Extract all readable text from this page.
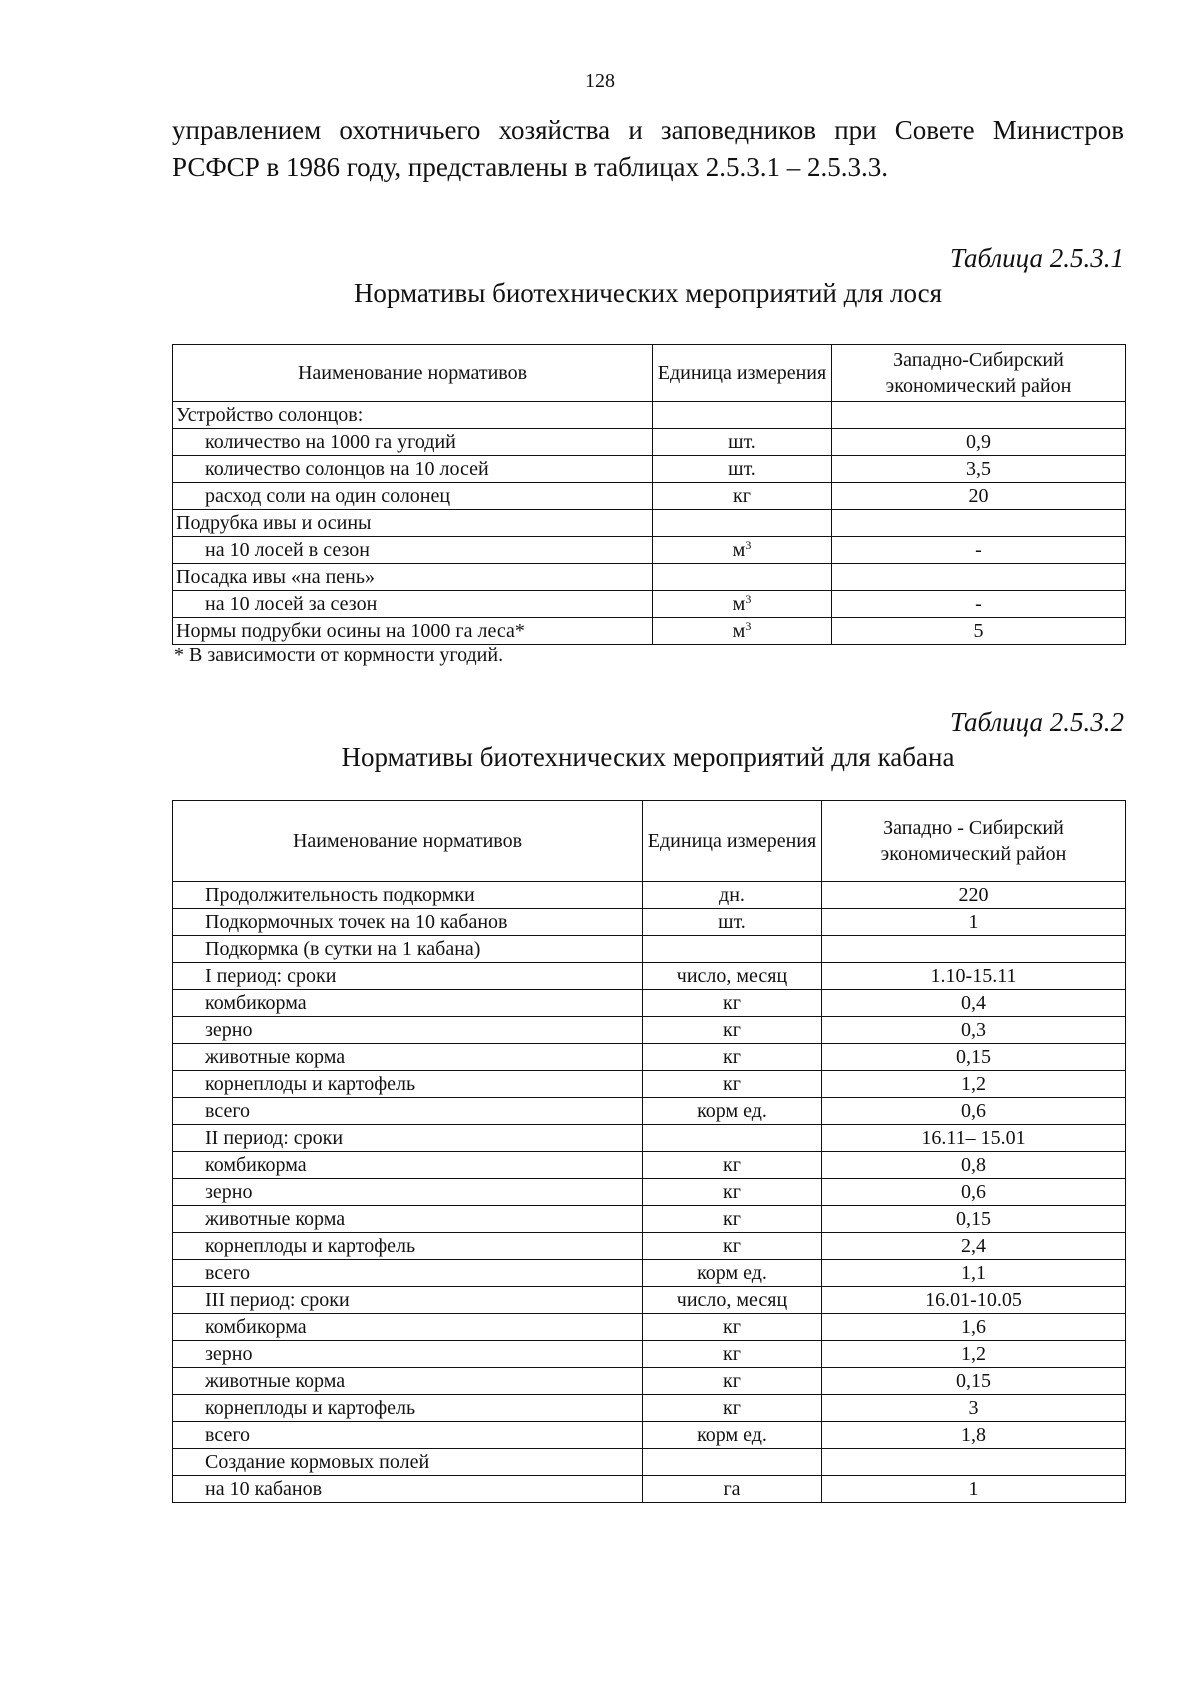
128

управлением охотничьего хозяйства и заповедников при Совете Министров РСФСР в 1986 году, представлены в таблицах 2.5.3.1 – 2.5.3.3.

Таблица 2.5.3.1
Нормативы биотехнических мероприятий для лося
Наименование нормативов	Единица измерения	Западно-Сибирский экономический район
Устройство солонцов:		
количество на 1000 га угодий	шт.	0,9
количество солонцов на 10 лосей	шт.	3,5
расход соли на один солонец	кг	20
Подрубка ивы и осины		
на 10 лосей в сезон	$м^3$	-
Посадка ивы «на пень»		
на 10 лосей за сезон	$м^3$	-
Нормы подрубки осины на 1000 га леса*	$м^3$	5
* В зависимости от кормности угодий.
Таблица 2.5.3.2
Нормативы биотехнических мероприятий для кабана
Наименование нормативов	Единица измерения	Западно - Сибирский экономический район
Продолжительность подкормки	дн.	220
Подкормочных точек на 10 кабанов	шт.	1
Подкормка (в сутки на 1 кабана)		
I период: сроки	число, месяц	1.10-15.11
комбикорма	кг	0,4
зерно	кг	0,3
животные корма	кг	0,15
корнеплоды и картофель	кг	1,2
всего	корм ед.	0,6
II период: сроки		16.11– 15.01
комбикорма	кг	0,8
зерно	кг	0,6
животные корма	кг	0,15
корнеплоды и картофель	кг	2,4
всего	корм ед.	1,1
III период: сроки	число, месяц	16.01-10.05
комбикорма	кг	1,6
зерно	кг	1,2
животные корма	кг	0,15
корнеплоды и картофель	кг	3
всего	корм ед.	1,8
Создание кормовых полей		
на 10 кабанов	га	1
